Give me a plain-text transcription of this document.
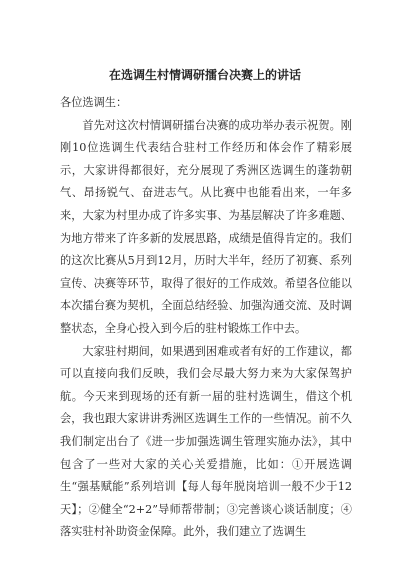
在选调生村情调研擂台决赛上的讲话

各位选调生：

首先对这次村情调研擂台决赛的成功举办表示祝贺。刚刚10位选调生代表结合驻村工作经历和体会作了精彩展示，大家讲得都很好，充分展现了秀洲区选调生的蓬勃朝气、昂扬锐气、奋进志气。从比赛中也能看出来，一年多来，大家为村里办成了许多实事、为基层解决了许多难题、为地方带来了许多新的发展思路，成绩是值得肯定的。我们的这次比赛从5月到12月，历时大半年，经历了初赛、系列宣传、决赛等环节，取得了很好的工作成效。希望各位能以本次擂台赛为契机，全面总结经验、加强沟通交流、及时调整状态，全身心投入到今后的驻村锻炼工作中去。

大家驻村期间，如果遇到困难或者有好的工作建议，都可以直接向我们反映，我们会尽最大努力来为大家保驾护航。今天来到现场的还有新一届的驻村选调生，借这个机会，我也跟大家讲讲秀洲区选调生工作的一些情况。前不久我们制定出台了《进一步加强选调生管理实施办法》，其中包含了一些对大家的关心关爱措施，比如：①开展选调生“强基赋能”系列培训【每人每年脱岗培训一般不少于12天】；②健全“2+2”导师帮带制；③完善谈心谈话制度；④落实驻村补助资金保障。此外，我们建立了选调生
